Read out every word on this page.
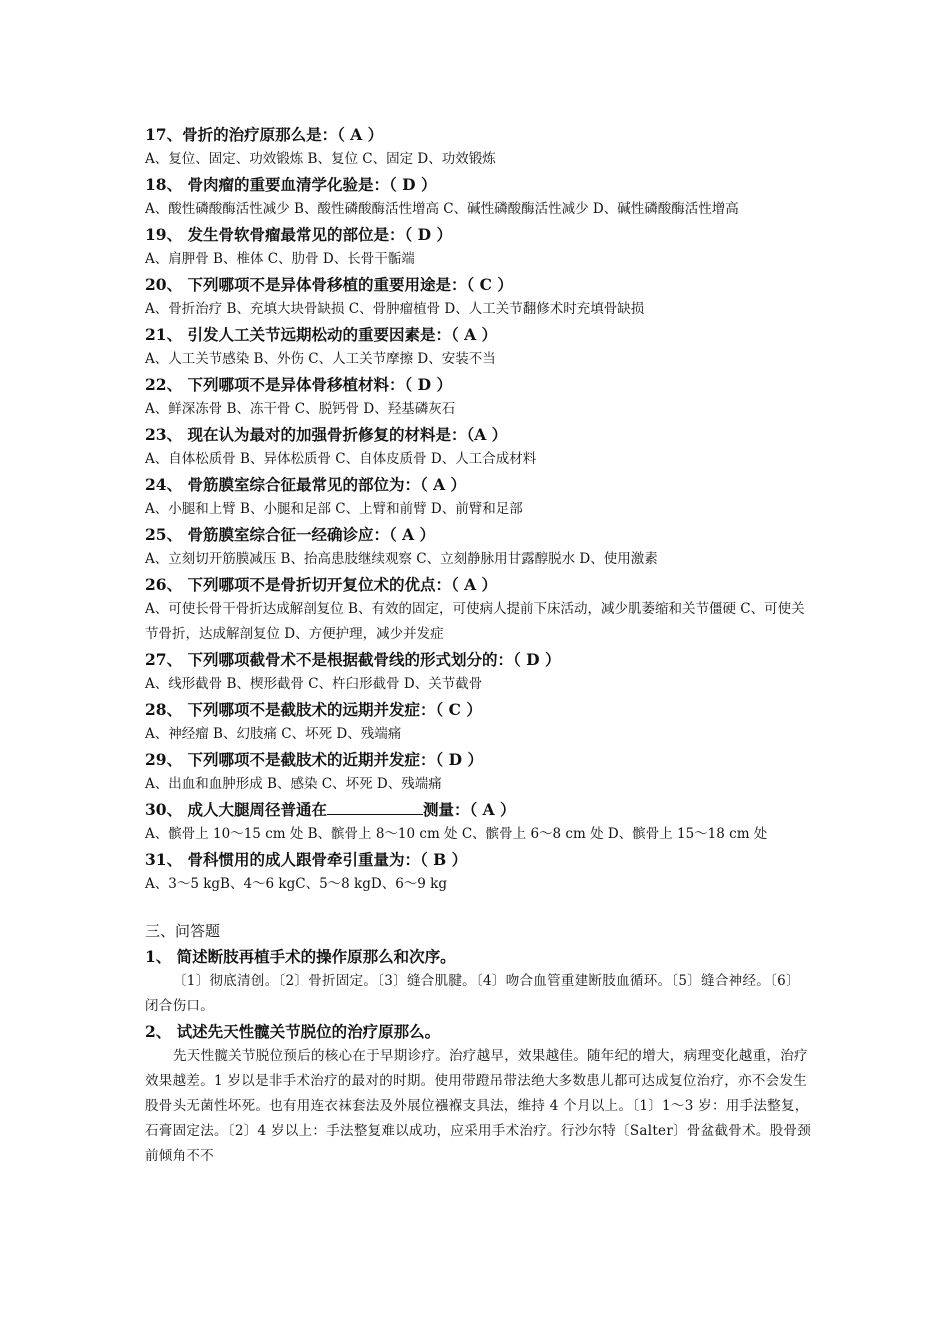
17、骨折的治疗原那么是：（ A ）
A、复位、固定、功效锻炼 B、复位 C、固定 D、功效锻炼
18、 骨肉瘤的重要血清学化验是：（ D ）
A、酸性磷酸酶活性减少 B、酸性磷酸酶活性增高 C、碱性磷酸酶活性减少 D、碱性磷酸酶活性增高
19、 发生骨软骨瘤最常见的部位是：（ D ）
A、肩胛骨 B、椎体 C、肋骨 D、长骨干骺端
20、 下列哪项不是异体骨移植的重要用途是：（ C ）
A、骨折治疗 B、充填大块骨缺损 C、骨肿瘤植骨 D、人工关节翻修术时充填骨缺损
21、 引发人工关节远期松动的重要因素是：（ A ）
A、人工关节感染 B、外伤 C、人工关节摩擦 D、安装不当
22、 下列哪项不是异体骨移植材料：（ D ）
A、鲜深冻骨 B、冻干骨 C、脱钙骨 D、羟基磷灰石
23、 现在认为最对的加强骨折修复的材料是：（A ）
A、自体松质骨 B、异体松质骨 C、自体皮质骨 D、人工合成材料
24、 骨筋膜室综合征最常见的部位为：（ A ）
A、小腿和上臂 B、小腿和足部 C、上臂和前臂 D、前臂和足部
25、 骨筋膜室综合征一经确诊应：（ A ）
A、立刻切开筋膜减压 B、抬高患肢继续观察 C、立刻静脉用甘露醇脱水 D、使用激素
26、 下列哪项不是骨折切开复位术的优点：（ A ）
A、可使长骨干骨折达成解剖复位 B、有效的固定，可使病人提前下床活动，减少肌萎缩和关节僵硬 C、可使关节骨折，达成解剖复位 D、方便护理，减少并发症
27、 下列哪项截骨术不是根据截骨线的形式划分的：（ D ）
A、线形截骨 B、楔形截骨 C、杵臼形截骨 D、关节截骨
28、 下列哪项不是截肢术的远期并发症：（ C ）
A、神经瘤 B、幻肢痛 C、坏死 D、残端痛
29、 下列哪项不是截肢术的近期并发症：（ D ）
A、出血和血肿形成 B、感染 C、坏死 D、残端痛
30、 成人大腿周径普通在	测量：（ A ）
A、髌骨上 10～15 cm 处 B、髌骨上 8～10 cm 处 C、髌骨上 6～8 cm 处 D、髌骨上 15～18 cm 处
31、 骨科惯用的成人跟骨牵引重量为：（ B ）
A、3～5 kgB、4～6 kgC、5～8 kgD、6～9 kg
三、问答题
1、 简述断肢再植手术的操作原那么和次序。
〔1〕彻底清创。〔2〕骨折固定。〔3〕缝合肌腱。〔4〕吻合血管重建断肢血循环。〔5〕缝合神经。〔6〕闭合伤口。
2、 试述先天性髋关节脱位的治疗原那么。
先天性髋关节脱位预后的核心在于早期诊疗。治疗越早，效果越佳。随年纪的增大，病理变化越重，治疗效果越差。1 岁以是非手术治疗的最对的时期。使用带蹬吊带法绝大多数患儿都可达成复位治疗，亦不会发生股骨头无菌性坏死。也有用连衣袜套法及外展位襁褓支具法，维持 4 个月以上。〔1〕1～3 岁：用手法整复，石膏固定法。〔2〕4 岁以上：手法整复难以成功，应采用手术治疗。行沙尔特〔Salter〕骨盆截骨术。股骨颈前倾角不不
